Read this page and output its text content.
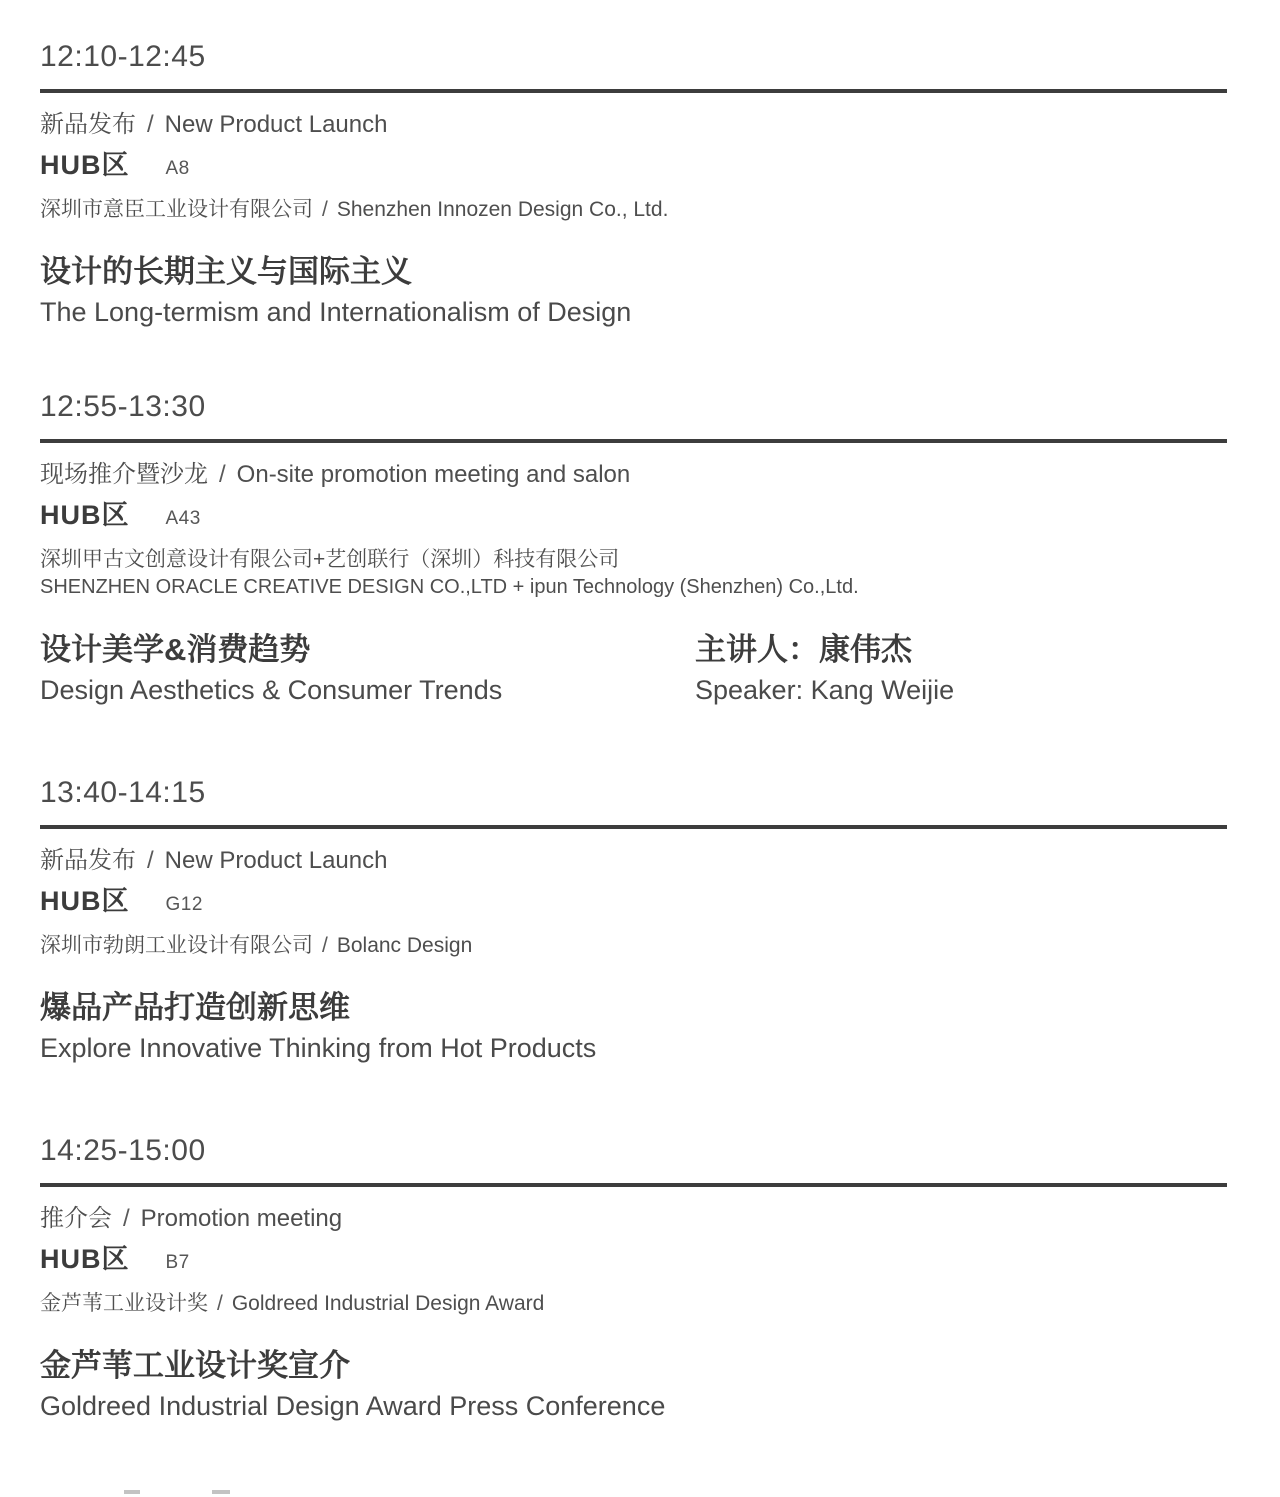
12:10-12:45
新品发布 / New Product Launch
HUB区 A8
深圳市意臣工业设计有限公司 / Shenzhen Innozen Design Co., Ltd.
设计的长期主义与国际主义
The Long-termism and Internationalism of Design
12:55-13:30
现场推介暨沙龙 / On-site promotion meeting and salon
HUB区 A43
深圳甲古文创意设计有限公司+艺创联行（深圳）科技有限公司
SHENZHEN ORACLE CREATIVE DESIGN CO.,LTD + ipun Technology (Shenzhen) Co.,Ltd.
设计美学&消费趋势
Design Aesthetics & Consumer Trends
主讲人：康伟杰
Speaker: Kang Weijie
13:40-14:15
新品发布 / New Product Launch
HUB区 G12
深圳市勃朗工业设计有限公司 / Bolanc Design
爆品产品打造创新思维
Explore Innovative Thinking from Hot Products
14:25-15:00
推介会 / Promotion meeting
HUB区 B7
金芦苇工业设计奖 / Goldreed Industrial Design Award
金芦苇工业设计奖宣介
Goldreed Industrial Design Award Press Conference
